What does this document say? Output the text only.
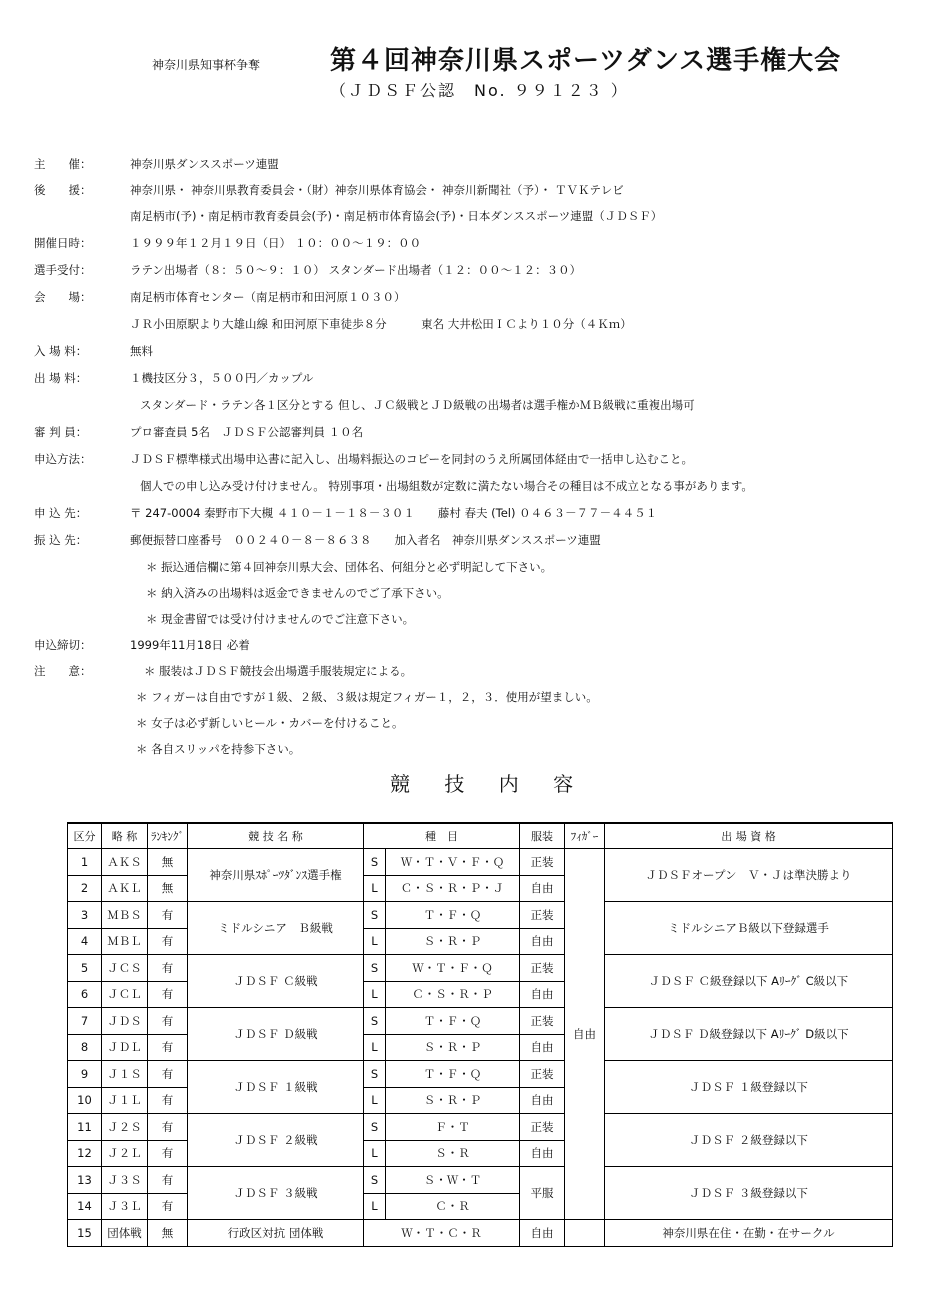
神奈川県知事杯争奪	第４回神奈川県スポーツダンス選手権大会
（ＪＤＳＦ公認　No. ９９１２３ ）
主　　催：	神奈川県ダンススポーツ連盟
後　　援：	神奈川県・ 神奈川県教育委員会・（財）神奈川県体育協会・ 神奈川新聞社（予）・ ＴＶＫテレビ
南足柄市(予)・南足柄市教育委員会(予)・南足柄市体育協会(予)・日本ダンススポーツ連盟（ＪＤＳＦ）
開催日時：	１９９９年１２月１９日（日） １０：００～１９：００
選手受付：	ラテン出場者（８：５０～９：１０） スタンダード出場者（１２：００～１２：３０）
会　　場：	南足柄市体育センター（南足柄市和田河原１０３０）
ＪＲ小田原駅より大雄山線 和田河原下車徒歩８分　　　東名 大井松田ＩＣより１０分（４Ｋｍ）
入 場 料：	無料
出 場 料：	１機技区分３，５００円／カップル
スタンダード・ラテン各１区分とする 但し、ＪＣ級戦とＪＤ級戦の出場者は選手権かＭＢ級戦に重複出場可
審 判 員：	プロ審査員 5名　ＪＤＳＦ公認審判員 １０名
申込方法：	ＪＤＳＦ標準様式出場申込書に記入し、出場料振込のコピーを同封のうえ所属団体経由で一括申し込むこと。
個人での申し込み受け付けません。 特別事項・出場組数が定数に満たない場合その種目は不成立となる事があります。
申 込 先：	〒 247-0004 秦野市下大槻 ４１０－１－１８－３０１　　藤村 春夫 (Tel) ０４６３－７７－４４５１
振 込 先：	郵便振替口座番号　００２４０－８－８６３８　　加入者名　神奈川県ダンススポーツ連盟
＊ 振込通信欄に第４回神奈川県大会、団体名、何組分と必ず明記して下さい。
＊ 納入済みの出場料は返金できませんのでご了承下さい。
＊ 現金書留では受け付けませんのでご注意下さい。
申込締切：	1999年11月18日 必着
注　　意：	＊ 服装はＪＤＳＦ競技会出場選手服装規定による。
＊ フィガーは自由ですが１級、２級、３級は規定フィガー１，２，３．使用が望ましい。
＊ 女子は必ず新しいヒール・カバーを付けること。
＊ 各自スリッパを持参下さい。
競 技 内 容
区分	略 称	ﾗﾝｷﾝｸﾞ	競 技 名 称	種　目		服装	ﾌｨｶﾞｰ	出 場 資 格
1	ＡＫＳ	無	神奈川県ｽﾎﾟｰﾂﾀﾞﾝｽ選手権	S	Ｗ・Ｔ・Ｖ・Ｆ・Ｑ	正装	自由	ＪＤＳＦオープン　Ｖ・Ｊは準決勝より
2	ＡＫＬ	無		L	Ｃ・Ｓ・Ｒ・Ｐ・Ｊ	自由		
3	ＭＢＳ	有	ミドルシニア　Ｂ級戦	S	Ｔ・Ｆ・Ｑ	正装		ミドルシニアＢ級以下登録選手
4	ＭＢＬ	有		L	Ｓ・Ｒ・Ｐ	自由		
5	ＪＣＳ	有	ＪＤＳＦ Ｃ級戦	S	Ｗ・Ｔ・Ｆ・Ｑ	正装		ＪＤＳＦ Ｃ級登録以下 Aﾘｰｸﾞ C級以下
6	ＪＣＬ	有		L	Ｃ・Ｓ・Ｒ・Ｐ	自由		
7	ＪＤＳ	有	ＪＤＳＦ Ｄ級戦	S	Ｔ・Ｆ・Ｑ	正装		ＪＤＳＦ Ｄ級登録以下 Aﾘｰｸﾞ D級以下
8	ＪＤＬ	有		L	Ｓ・Ｒ・Ｐ	自由		
9	Ｊ１Ｓ	有	ＪＤＳＦ １級戦	S	Ｔ・Ｆ・Ｑ	正装		ＪＤＳＦ １級登録以下
10	Ｊ１Ｌ	有		L	Ｓ・Ｒ・Ｐ	自由		
11	Ｊ２Ｓ	有	ＪＤＳＦ ２級戦	S	Ｆ・Ｔ	正装		ＪＤＳＦ ２級登録以下
12	Ｊ２Ｌ	有		L	Ｓ・Ｒ	自由		
13	Ｊ３Ｓ	有	ＪＤＳＦ ３級戦	S	Ｓ・Ｗ・Ｔ	平服		ＪＤＳＦ ３級登録以下
14	Ｊ３Ｌ	有		L	Ｃ・Ｒ			
15	団体戦	無	行政区対抗 団体戦	Ｗ・Ｔ・Ｃ・Ｒ		自由		神奈川県在住・在勤・在サークル
